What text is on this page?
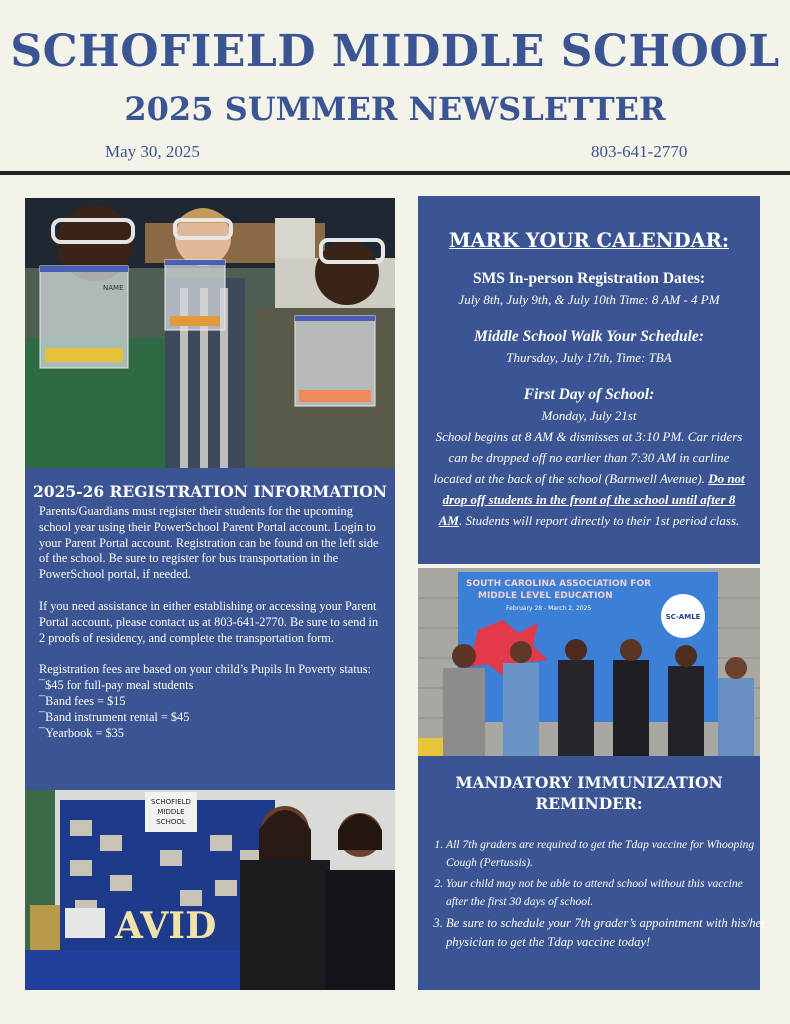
SCHOFIELD MIDDLE SCHOOL
2025 SUMMER NEWSLETTER
May 30, 2025	803-641-2770
NAME
2025-26 REGISTRATION INFORMATION

Parents/Guardians must register their students for the upcoming school year using their PowerSchool Parent Portal account. Login to your Parent Portal account. Registration can be found on the left side of the school. Be sure to register for bus transportation in the PowerSchool portal, if needed.

If you need assistance in either establishing or accessing your Parent Portal account, please contact us at 803-641-2770. Be sure to send in 2 proofs of residency, and complete the transportation form.

Registration fees are based on your child’s Pupils In Poverty status:

¯ $45 for full-pay meal students
¯ Band fees = $15
¯ Band instrument rental = $45
¯ Yearbook = $35
SCHOFIELD
MIDDLE
SCHOOL
AVID
MARK YOUR CALENDAR:

SMS In-person Registration Dates:

July 8th, July 9th, & July 10th Time: 8 AM - 4 PM

Middle School Walk Your Schedule:

Thursday, July 17th, Time: TBA

First Day of School:

Monday, July 21st

School begins at 8 AM & dismisses at 3:10 PM. Car riders can be dropped off no earlier than 7:30 AM in carline located at the back of the school (Barnwell Avenue). Do not drop off students in the front of the school until after 8 AM. Students will report directly to their 1st period class.

SOUTH CAROLINA ASSOCIATION FOR
MIDDLE LEVEL EDUCATION
February 28 - March 2, 2025
SC-AMLE
MANDATORY IMMUNIZATION REMINDER:
1. All 7th graders are required to get the Tdap vaccine for Whooping Cough (Pertussis).
2. Your child may not be able to attend school without this vaccine after the first 30 days of school.
3. Be sure to schedule your 7th grader’s appointment with his/her physician to get the Tdap vaccine today!
